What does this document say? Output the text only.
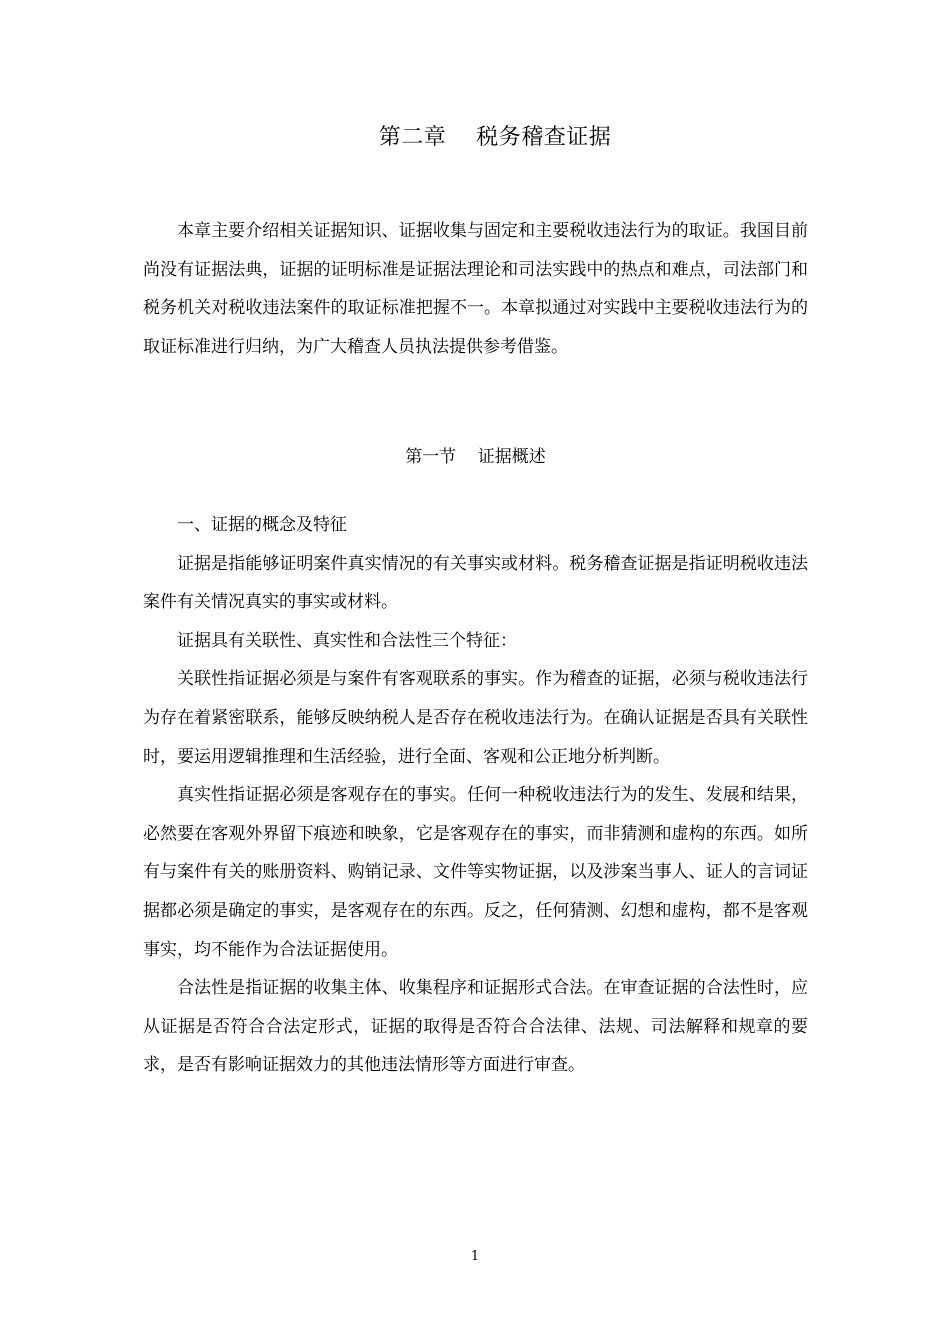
第二章    税务稽查证据

本章主要介绍相关证据知识、证据收集与固定和主要税收违法行为的取证。我国目前尚没有证据法典，证据的证明标准是证据法理论和司法实践中的热点和难点，司法部门和税务机关对税收违法案件的取证标准把握不一。本章拟通过对实践中主要税收违法行为的取证标准进行归纳，为广大稽查人员执法提供参考借鉴。

第一节    证据概述

一、证据的概念及特征

证据是指能够证明案件真实情况的有关事实或材料。税务稽查证据是指证明税收违法案件有关情况真实的事实或材料。

证据具有关联性、真实性和合法性三个特征：

关联性指证据必须是与案件有客观联系的事实。作为稽查的证据，必须与税收违法行为存在着紧密联系，能够反映纳税人是否存在税收违法行为。在确认证据是否具有关联性时，要运用逻辑推理和生活经验，进行全面、客观和公正地分析判断。

真实性指证据必须是客观存在的事实。任何一种税收违法行为的发生、发展和结果，必然要在客观外界留下痕迹和映象，它是客观存在的事实，而非猜测和虚构的东西。如所有与案件有关的账册资料、购销记录、文件等实物证据，以及涉案当事人、证人的言词证据都必须是确定的事实，是客观存在的东西。反之，任何猜测、幻想和虚构，都不是客观事实，均不能作为合法证据使用。

合法性是指证据的收集主体、收集程序和证据形式合法。在审查证据的合法性时，应从证据是否符合合法定形式，证据的取得是否符合合法律、法规、司法解释和规章的要求，是否有影响证据效力的其他违法情形等方面进行审查。

1
